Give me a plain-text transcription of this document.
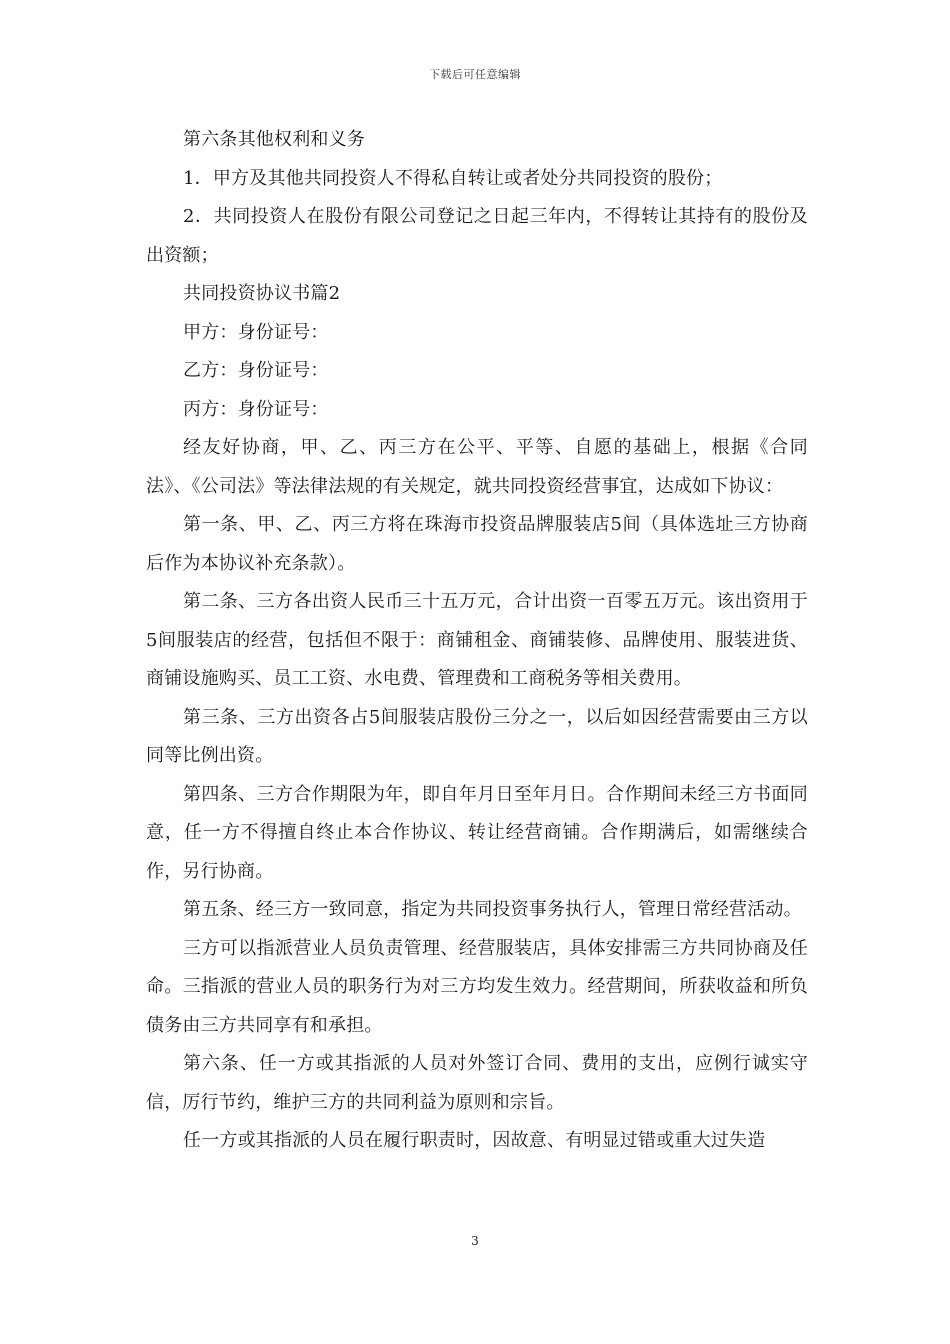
下载后可任意编辑

第六条其他权利和义务

1．甲方及其他共同投资人不得私自转让或者处分共同投资的股份；

2．共同投资人在股份有限公司登记之日起三年内，不得转让其持有的股份及出资额；

共同投资协议书篇2

甲方：身份证号：

乙方：身份证号：

丙方：身份证号：

经友好协商，甲、乙、丙三方在公平、平等、自愿的基础上，根据《合同法》、《公司法》等法律法规的有关规定，就共同投资经营事宜，达成如下协议：

第一条、甲、乙、丙三方将在珠海市投资品牌服装店5间（具体选址三方协商后作为本协议补充条款）。

第二条、三方各出资人民币三十五万元，合计出资一百零五万元。该出资用于5间服装店的经营，包括但不限于：商铺租金、商铺装修、品牌使用、服装进货、商铺设施购买、员工工资、水电费、管理费和工商税务等相关费用。

第三条、三方出资各占5间服装店股份三分之一，以后如因经营需要由三方以同等比例出资。

第四条、三方合作期限为年，即自年月日至年月日。合作期间未经三方书面同意，任一方不得擅自终止本合作协议、转让经营商铺。合作期满后，如需继续合作，另行协商。

第五条、经三方一致同意，指定为共同投资事务执行人，管理日常经营活动。

三方可以指派营业人员负责管理、经营服装店，具体安排需三方共同协商及任命。三指派的营业人员的职务行为对三方均发生效力。经营期间，所获收益和所负债务由三方共同享有和承担。

第六条、任一方或其指派的人员对外签订合同、费用的支出，应例行诚实守信，厉行节约，维护三方的共同利益为原则和宗旨。

任一方或其指派的人员在履行职责时，因故意、有明显过错或重大过失造

3
